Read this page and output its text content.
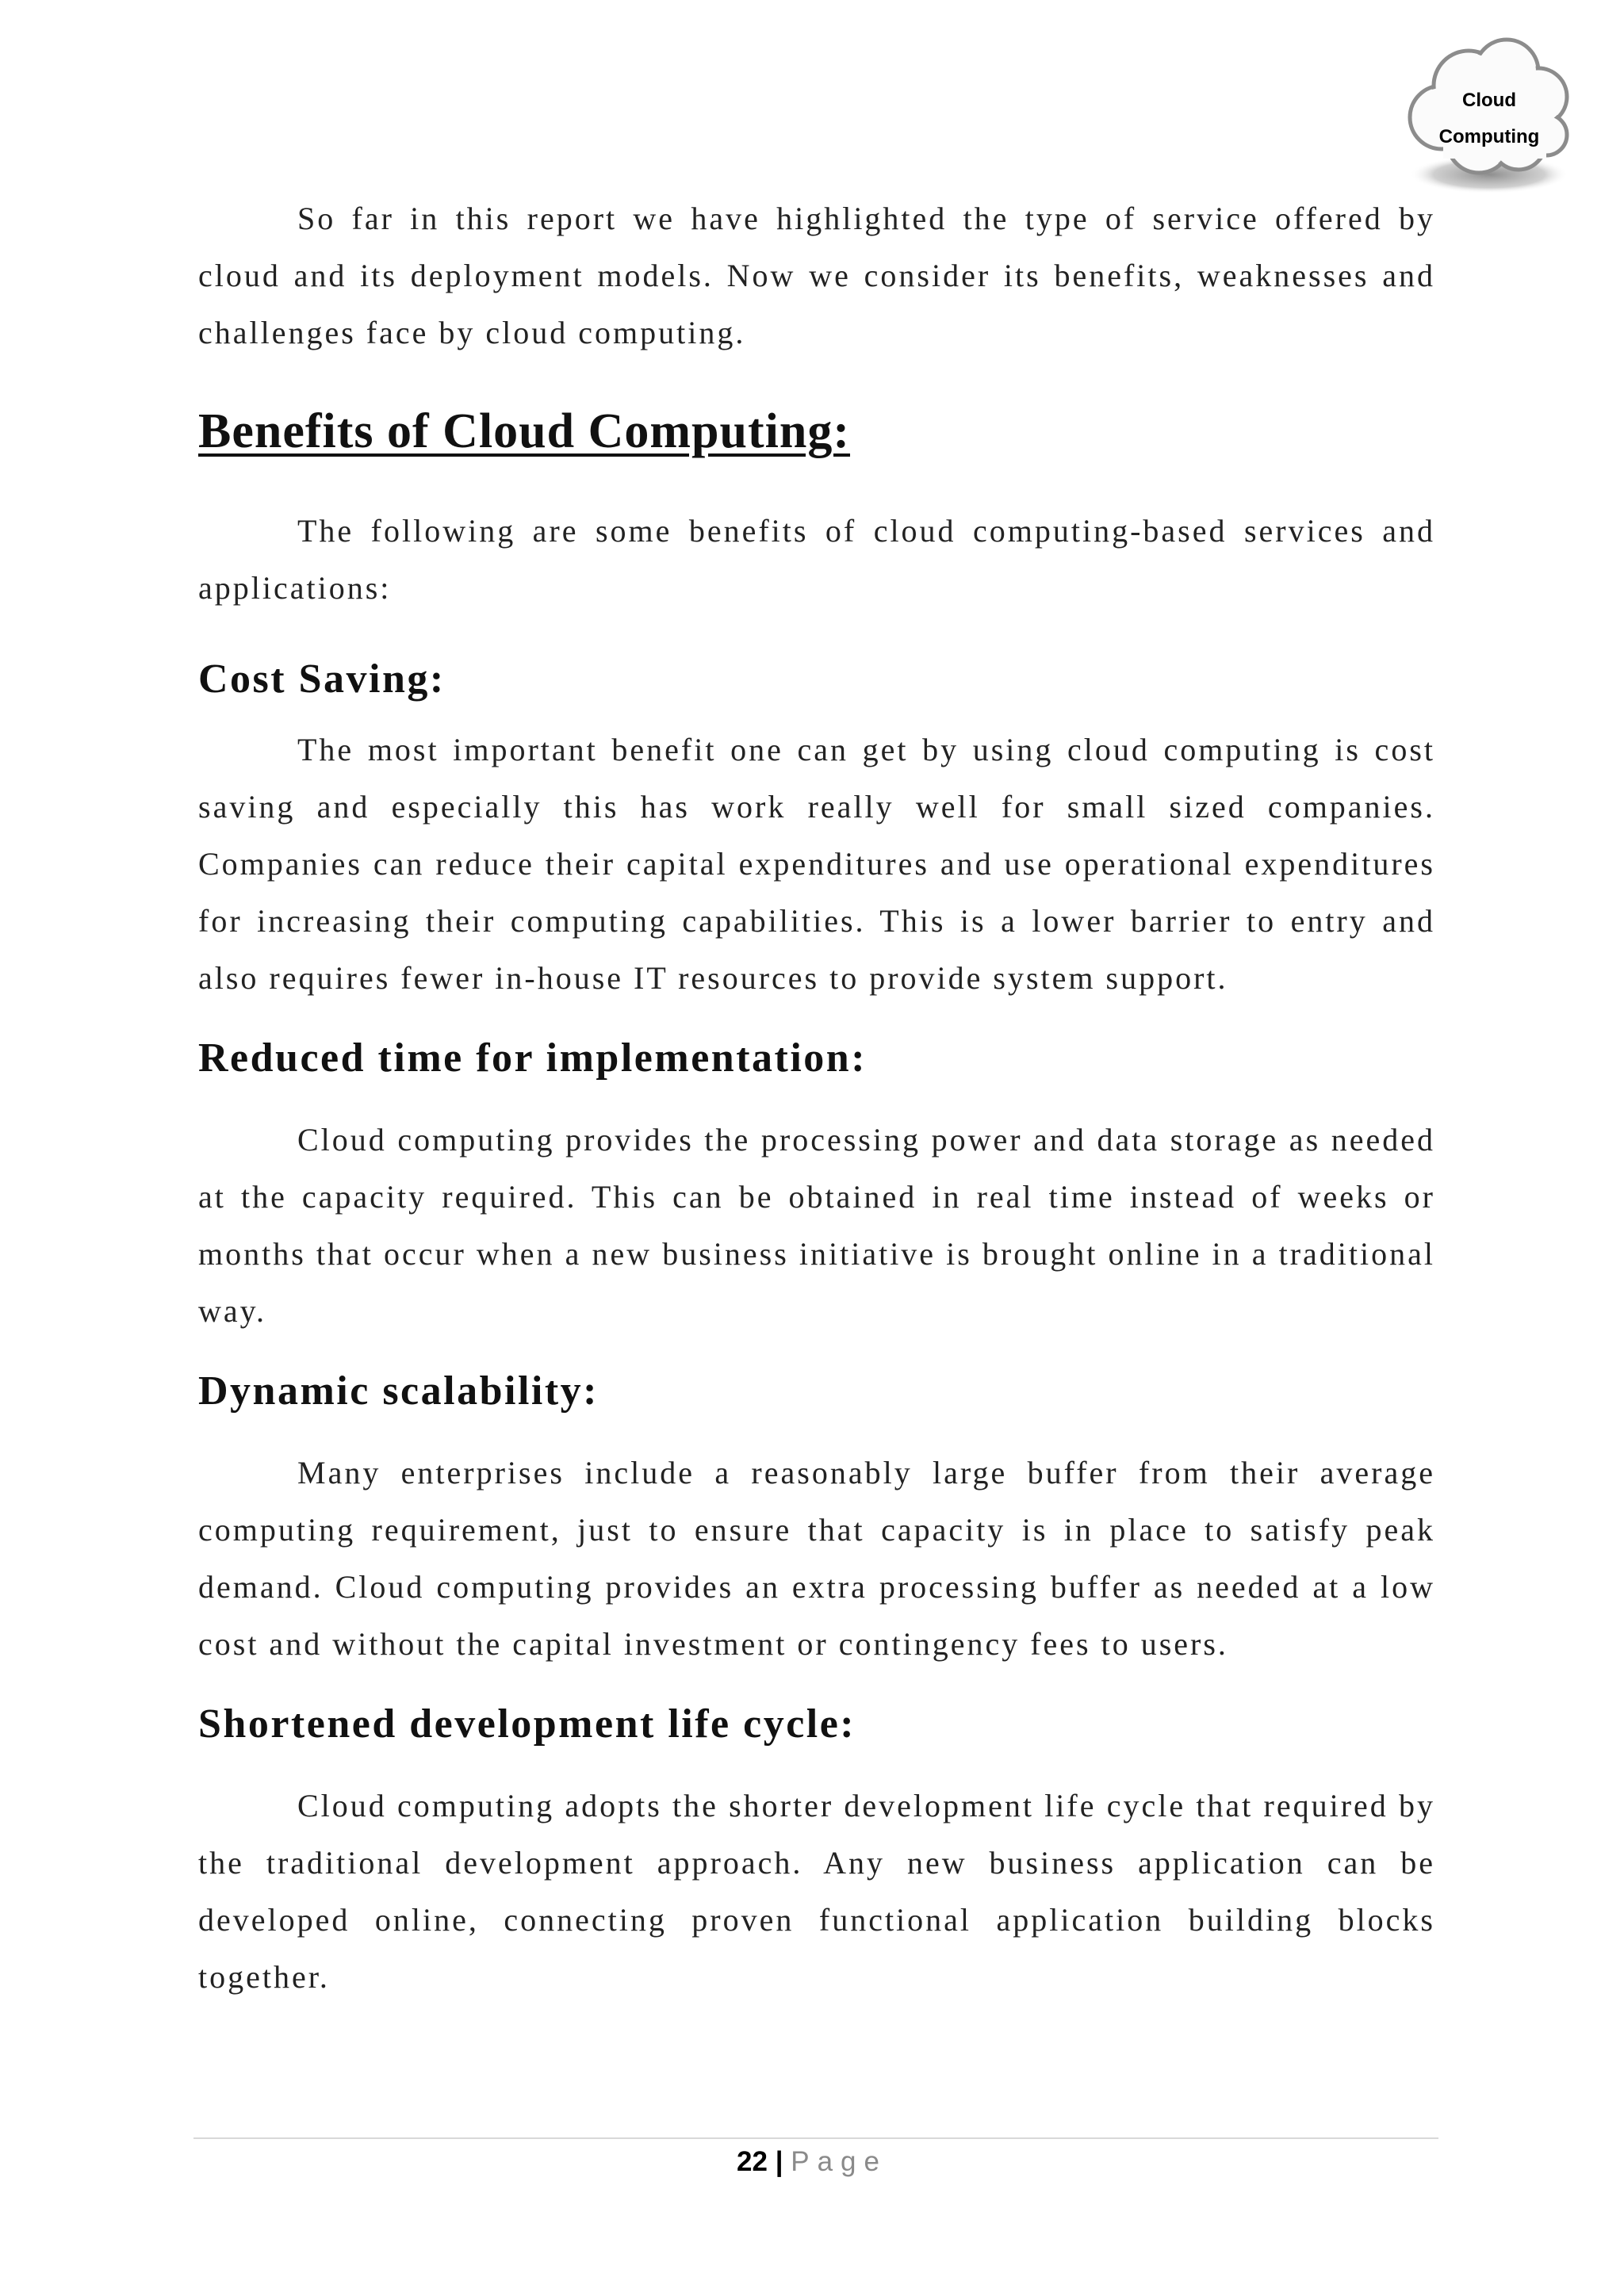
Cloud
Computing

So far in this report we have highlighted the type of service offered by cloud and its deployment models. Now we consider its benefits, weaknesses and challenges face by cloud computing.

Benefits of Cloud Computing:

The following are some benefits of cloud computing-based services and applications:

Cost Saving:

The most important benefit one can get by using cloud computing is cost saving and especially this has work really well for small sized companies. Companies can reduce their capital expenditures and use operational expenditures for increasing their computing capabilities. This is a lower barrier to entry and also requires fewer in-house IT resources to provide system support.

Reduced time for implementation:

Cloud computing provides the processing power and data storage as needed at the capacity required. This can be obtained in real time instead of weeks or months that occur when a new business initiative is brought online in a traditional way.

Dynamic scalability:

Many enterprises include a reasonably large buffer from their average computing requirement, just to ensure that capacity is in place to satisfy peak demand. Cloud computing provides an extra processing buffer as needed at a low cost and without the capital investment or contingency fees to users.

Shortened development life cycle:

Cloud computing adopts the shorter development life cycle that required by the traditional development approach. Any new business application can be developed online, connecting proven functional application building blocks together.

22 | Page
